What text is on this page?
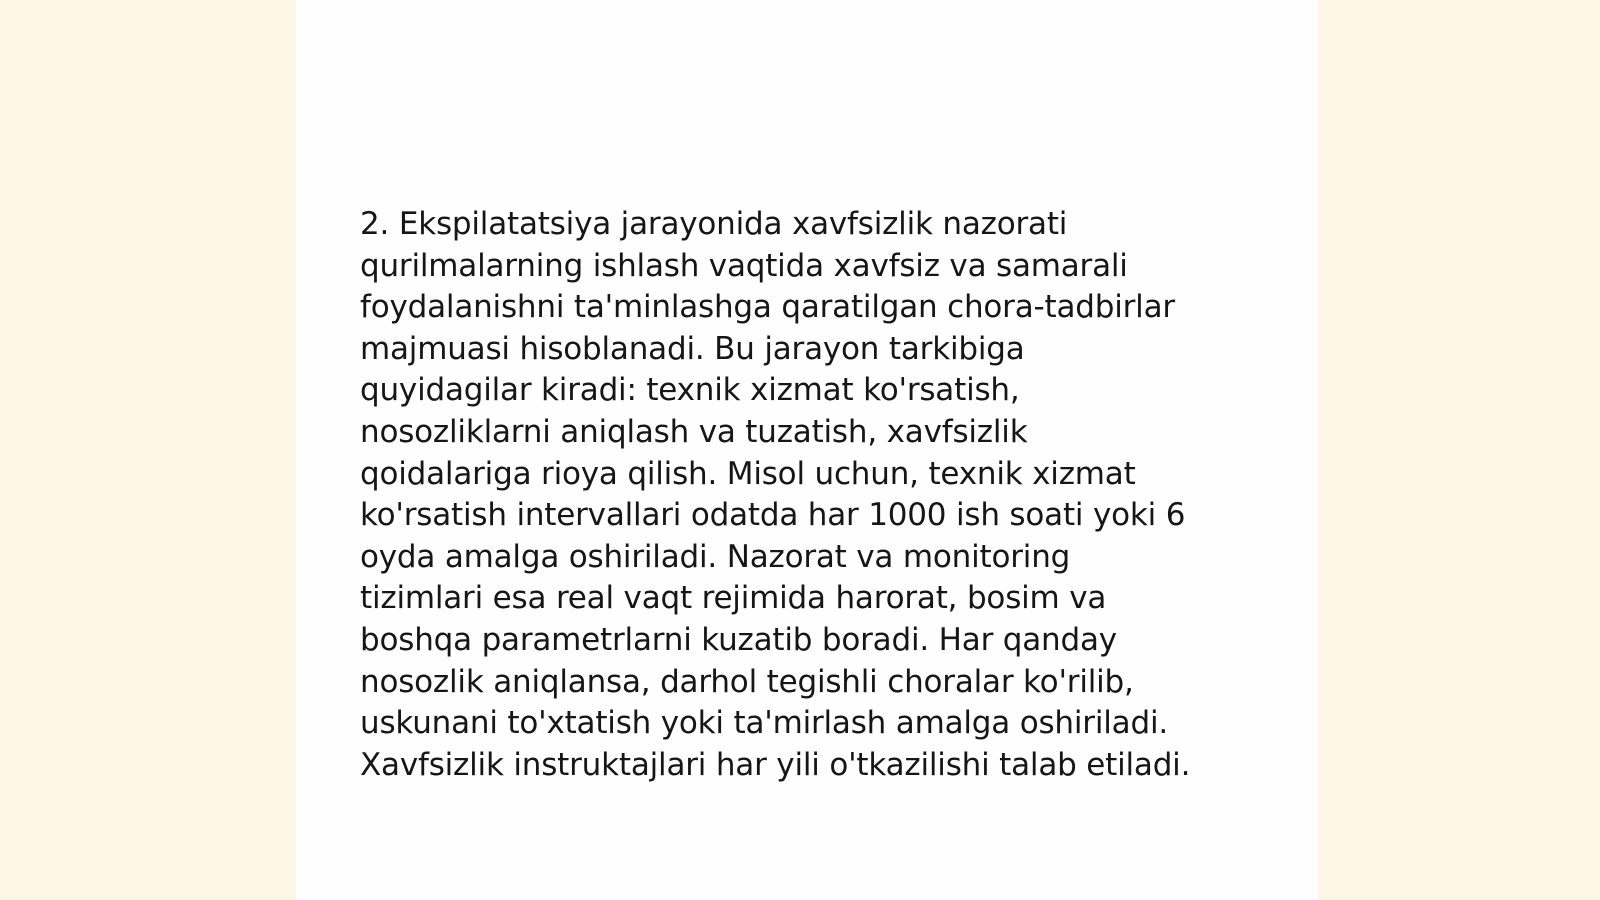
2. Ekspilatatsiya jarayonida xavfsizlik nazorati
qurilmalarning ishlash vaqtida xavfsiz va samarali
foydalanishni ta'minlashga qaratilgan chora-tadbirlar
majmuasi hisoblanadi. Bu jarayon tarkibiga
quyidagilar kiradi: texnik xizmat ko'rsatish,
nosozliklarni aniqlash va tuzatish, xavfsizlik
qoidalariga rioya qilish. Misol uchun, texnik xizmat
ko'rsatish intervallari odatda har 1000 ish soati yoki 6
oyda amalga oshiriladi. Nazorat va monitoring
tizimlari esa real vaqt rejimida harorat, bosim va
boshqa parametrlarni kuzatib boradi. Har qanday
nosozlik aniqlansa, darhol tegishli choralar ko'rilib,
uskunani to'xtatish yoki ta'mirlash amalga oshiriladi.
Xavfsizlik instruktajlari har yili o'tkazilishi talab etiladi.
